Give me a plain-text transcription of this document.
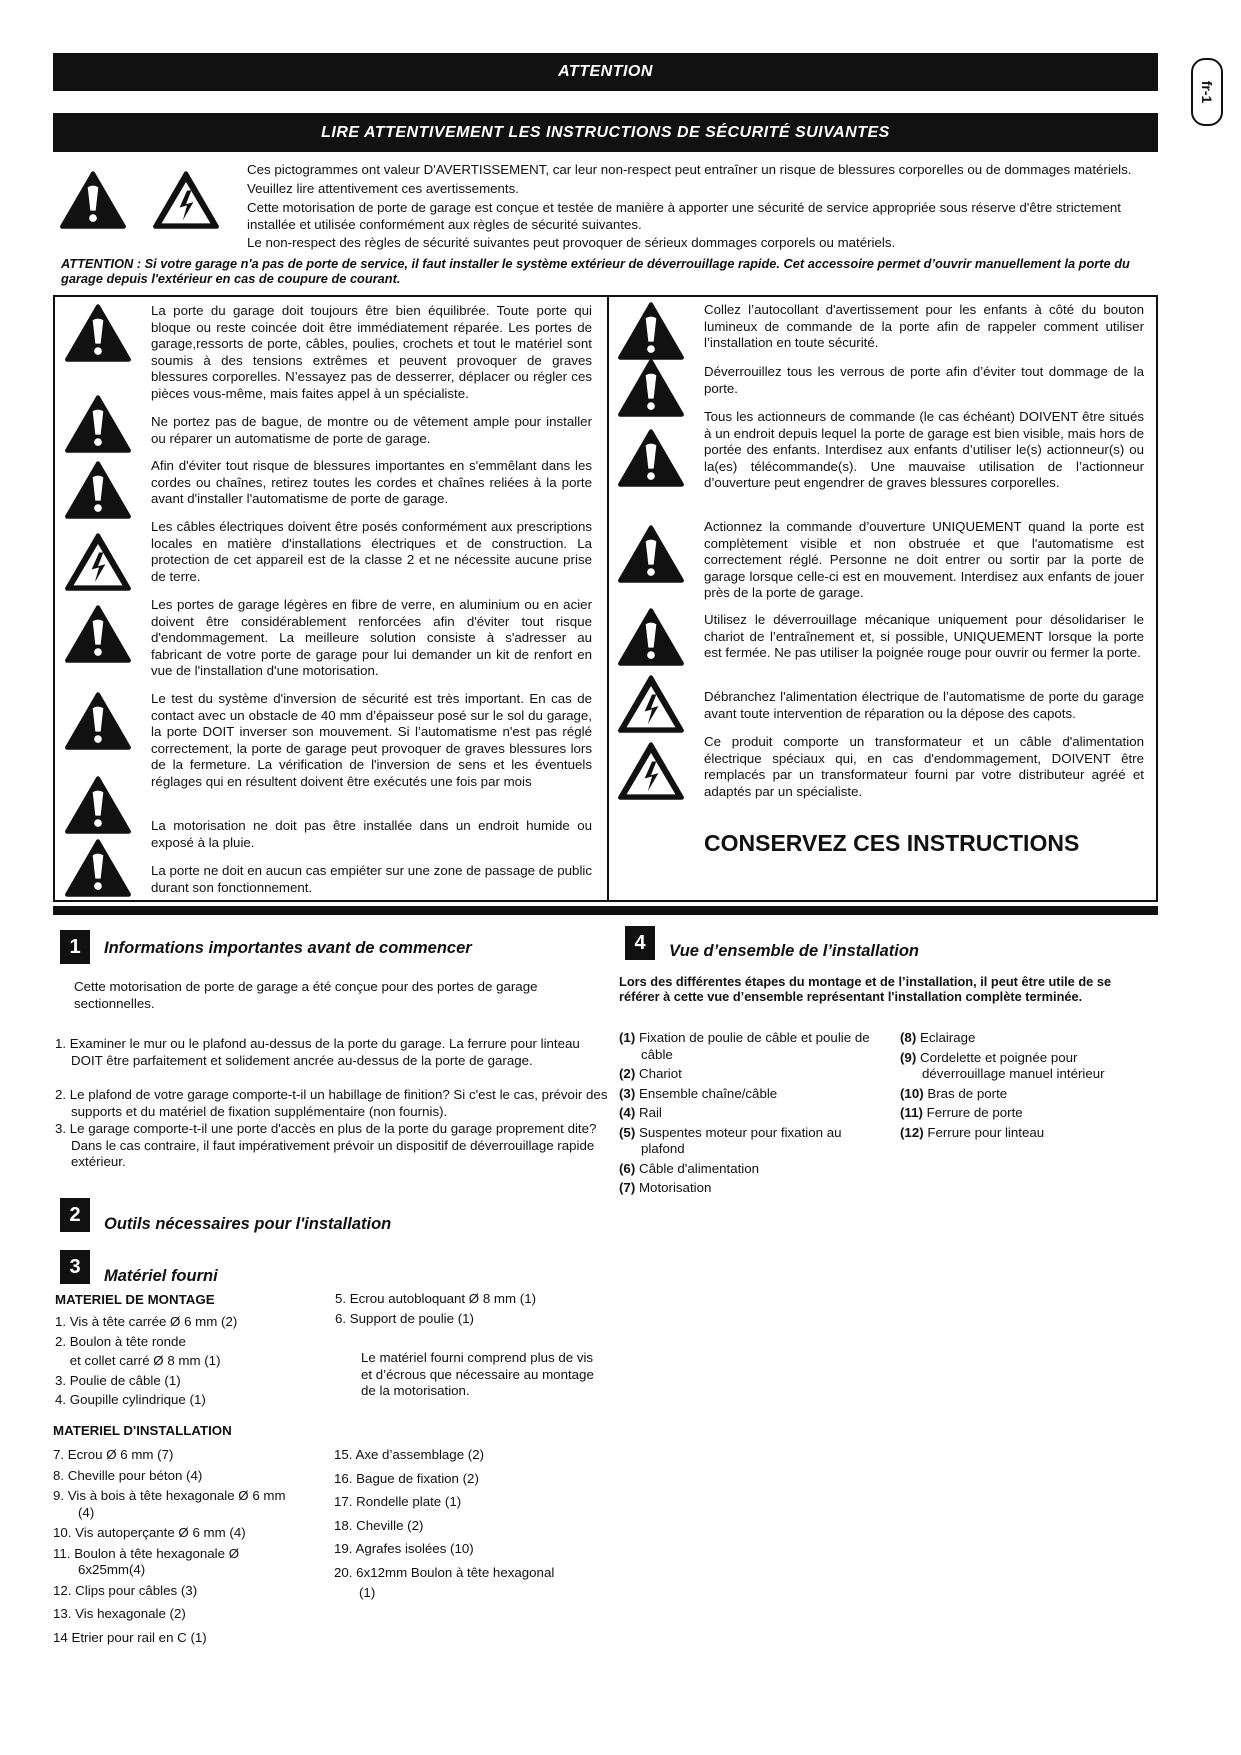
ATTENTION
LIRE ATTENTIVEMENT LES INSTRUCTIONS DE SÉCURITÉ SUIVANTES
fr-1
Ces pictogrammes ont valeur D'AVERTISSEMENT, car leur non-respect peut entraîner un risque de blessures corporelles ou de dommages matériels. Veuillez lire attentivement ces avertissements.
Cette motorisation de porte de garage est conçue et testée de manière à apporter une sécurité de service appropriée sous réserve d'être strictement installée et utilisée conformément aux règles de sécurité suivantes.
Le non-respect des règles de sécurité suivantes peut provoquer de sérieux dommages corporels ou matériels.
ATTENTION : Si votre garage n'a pas de porte de service, il faut installer le système extérieur de déverrouillage rapide. Cet accessoire permet d’ouvrir manuellement la porte du garage depuis l'extérieur en cas de coupure de courant.
La porte du garage doit toujours être bien équilibrée. Toute porte qui bloque ou reste coincée doit être immédiatement réparée. Les portes de garage,ressorts de porte, câbles, poulies, crochets et tout le matériel sont soumis à des tensions extrêmes et peuvent provoquer de graves blessures corporelles. N’essayez pas de desserrer, déplacer ou régler ces pièces vous-même, mais faites appel à un spécialiste.
Ne portez pas de bague, de montre ou de vêtement ample pour installer ou réparer un automatisme de porte de garage.
Afin d'éviter tout risque de blessures importantes en s'emmêlant dans les cordes ou chaînes, retirez toutes les cordes et chaînes reliées à la porte avant d'installer l'automatisme de porte de garage.
Les câbles électriques doivent être posés conformément aux prescriptions locales en matière d'installations électriques et de construction. La protection de cet appareil est de la classe 2 et ne nécessite aucune prise de terre.
Les portes de garage légères en fibre de verre, en aluminium ou en acier doivent être considérablement renforcées afin d'éviter tout risque d'endommagement. La meilleure solution consiste à s'adresser au fabricant de votre porte de garage pour lui demander un kit de renfort en vue de l'installation d'une motorisation.
Le test du système d'inversion de sécurité est très important. En cas de contact avec un obstacle de 40 mm d’épaisseur posé sur le sol du garage, la porte DOIT inverser son mouvement. Si l’automatisme n'est pas réglé correctement, la porte de garage peut provoquer de graves blessures lors de la fermeture. La vérification de l'inversion de sens et les éventuels réglages qui en résultent doivent être exécutés une fois par mois
La motorisation ne doit pas être installée dans un endroit humide ou exposé à la pluie.
La porte ne doit en aucun cas empiéter sur une zone de passage de public durant son fonctionnement.
Collez l’autocollant d'avertissement pour les enfants à côté du bouton lumineux de commande de la porte afin de rappeler comment utiliser l’installation en toute sécurité.
Déverrouillez tous les verrous de porte afin d’éviter tout dommage de la porte.
Tous les actionneurs de commande (le cas échéant) DOIVENT être situés à un endroit depuis lequel la porte de garage est bien visible, mais hors de portée des enfants. Interdisez aux enfants d’utiliser le(s) actionneur(s) ou la(es) télécommande(s). Une mauvaise utilisation de l’actionneur d’ouverture peut engendrer de graves blessures corporelles.
Actionnez la commande d’ouverture UNIQUEMENT quand la porte est complètement visible et non obstruée et que l'automatisme est correctement réglé. Personne ne doit entrer ou sortir par la porte de garage lorsque celle-ci est en mouvement. Interdisez aux enfants de jouer près de la porte de garage.
Utilisez le déverrouillage mécanique uniquement pour désolidariser le chariot de l’entraînement et, si possible, UNIQUEMENT lorsque la porte est fermée. Ne pas utiliser la poignée rouge pour ouvrir ou fermer la porte.
Débranchez l'alimentation électrique de l’automatisme de porte du garage avant toute intervention de réparation ou la dépose des capots.
Ce produit comporte un transformateur et un câble d'alimentation électrique spéciaux qui, en cas d'endommagement, DOIVENT être remplacés par un transformateur fourni par votre distributeur agréé et adaptés par un spécialiste.
CONSERVEZ CES INSTRUCTIONS
1	Informations importantes avant de commencer
Cette motorisation de porte de garage a été conçue pour des portes de garage sectionnelles.
1. Examiner le mur ou le plafond au-dessus de la porte du garage. La ferrure pour linteau DOIT être parfaitement et solidement ancrée au-dessus de la porte de garage.
2. Le plafond de votre garage comporte-t-il un habillage de finition? Si c'est le cas, prévoir des supports et du matériel de fixation supplémentaire (non fournis).
3. Le garage comporte-t-il une porte d'accès en plus de la porte du garage proprement dite? Dans le cas contraire, il faut impérativement prévoir un dispositif de déverrouillage rapide extérieur.
2	Outils nécessaires pour l'installation
3	Matériel fourni
MATERIEL DE MONTAGE
1. Vis à tête carrée Ø 6 mm (2)
2. Boulon à tête ronde
et collet carré Ø 8 mm (1)
3. Poulie de câble (1)
4. Goupille cylindrique (1)
5. Ecrou autobloquant Ø 8 mm (1)
6. Support de poulie (1)
Le matériel fourni comprend plus de vis et d’écrous que nécessaire au montage de la motorisation.
MATERIEL D'INSTALLATION
7. Ecrou Ø 6 mm (7)
8. Cheville pour béton (4)
9. Vis à bois à tête hexagonale Ø 6 mm
(4)
10. Vis autoperçante Ø 6 mm (4)
11. Boulon à tête hexagonale Ø
6x25mm(4)
12. Clips pour câbles (3)
13. Vis hexagonale (2)
14 Etrier pour rail en C (1)
15. Axe d’assemblage (2)
16. Bague de fixation (2)
17. Rondelle plate (1)
18. Cheville (2)
19. Agrafes isolées (10)
20. 6x12mm Boulon à tête hexagonal
(1)
4	Vue d’ensemble de l’installation
Lors des différentes étapes du montage et de l’installation, il peut être utile de se référer à cette vue d’ensemble représentant l'installation complète terminée.
(1) Fixation de poulie de câble et poulie de câble
(2) Chariot
(3) Ensemble chaîne/câble
(4) Rail
(5) Suspentes moteur pour fixation au plafond
(6) Câble d'alimentation
(7) Motorisation
(8) Eclairage
(9) Cordelette et poignée pour déverrouillage manuel intérieur
(10) Bras de porte
(11) Ferrure de porte
(12) Ferrure pour linteau
